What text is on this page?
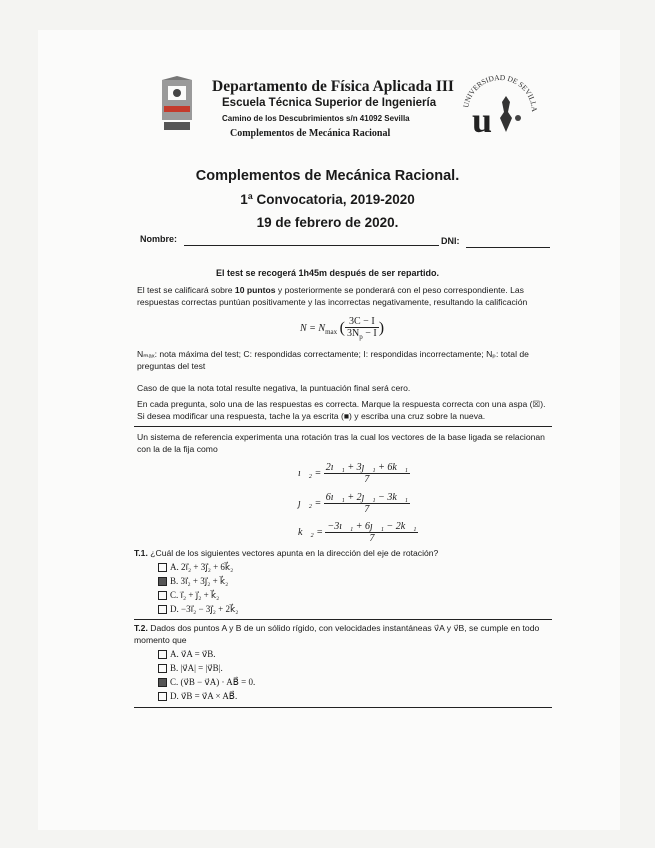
Departamento de Física Aplicada III
Escuela Técnica Superior de Ingeniería
Camino de los Descubrimientos s/n 41092 Sevilla
Complementos de Mecánica Racional
UNIVERSIDAD DE SEVILLA
u
Complementos de Mecánica Racional.
1ª Convocatoria, 2019-2020
19 de febrero de 2020.
Nombre:	DNI:
El test se recogerá 1h45m después de ser repartido.
El test se calificará sobre 10 puntos y posteriormente se ponderará con el peso correspondiente. Las respuestas correctas puntúan positivamente y las incorrectas negativamente, resultando la calificación
$N = N_{max}$ ( $\frac{3C - I}{3N_p - I}$ )
Nₘₐₓ: nota máxima del test; C: respondidas correctamente; I: respondidas incorrectamente; Nₚ: total de preguntas del test
Caso de que la nota total resulte negativa, la puntuación final será cero.
En cada pregunta, solo una de las respuestas es correcta. Marque la respuesta correcta con una aspa (☒). Si desea modificar una respuesta, tache la ya escrita (■) y escriba una cruz sobre la nueva.
Un sistema de referencia experimenta una rotación tras la cual los vectores de la base ligada se relacionan con la de la fija como
ı⃗₂ = $\frac{\text{2ı⃗₁ + 3ȷ⃗₁ + 6k⃗₁}}{7}$
ȷ⃗₂ = $\frac{\text{6ı⃗₁ + 2ȷ⃗₁ − 3k⃗₁}}{7}$
k⃗₂ = $\frac{\text{−3ı⃗₁ + 6ȷ⃗₁ − 2k⃗₁}}{7}$
T.1. ¿Cuál de los siguientes vectores apunta en la dirección del eje de rotación?
A. 2ı⃗₂ + 3ȷ⃗₂ + 6k⃗₂
B. 3ı⃗₂ + 3ȷ⃗₂ + k⃗₂
C. ı⃗₂ + ȷ⃗₂ + k⃗₂
D. −3ı⃗₂ − 3ȷ⃗₂ + 2k⃗₂
T.2. Dados dos puntos A y B de un sólido rígido, con velocidades instantáneas v⃗A y v⃗B, se cumple en todo momento que
A. v⃗A = v⃗B.
B. |v⃗A| = |v⃗B|.
C. (v⃗B − v⃗A) · AB⃗ = 0.
D. v⃗B = v⃗A × AB⃗.
